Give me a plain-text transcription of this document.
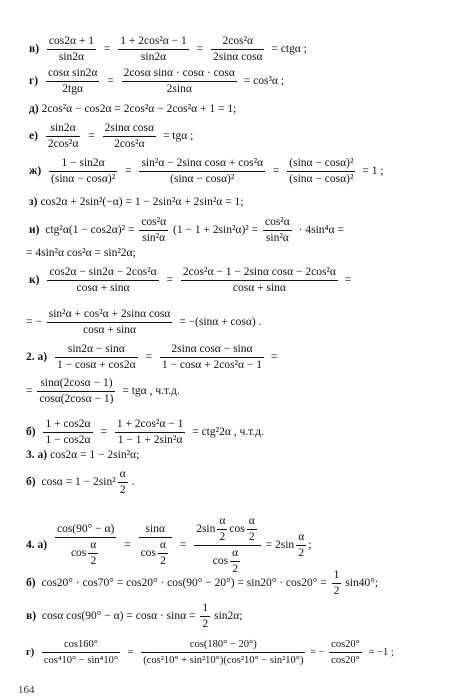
$в) \frac{\cos 2\alpha + 1}{\sin 2\alpha} = \frac{\text{1 + 2cos²α − 1}}{\sin 2\alpha} = \frac{\text{2cos²α}}{\text{2sinα cosα}} = ctg\alpha$ ;
$г) \frac{\text{cosα sin2α}}{\text{2tgα}} = \frac{\text{2cosα sinα · cosα · cosα}}{2\sin\alpha} = \cos^3\alpha$ ;
д) 2cos²α − cos2α = 2cos²α − 2cos²α + 1 = 1;
$е) \frac{\sin 2\alpha}{\text{2cos²α}} = \frac{\text{2sinα cosα}}{\text{2cos²α}} = tg\alpha$ ;
$ж) \frac{1 - \sin 2\alpha}{\text{(sinα − cosα)²}} = \frac{\text{sin²α − 2sinα cosα + cos²α}}{\text{(sinα − cosα)²}} = \frac{\text{(sinα − cosα)²}}{\text{(sinα − cosα)²}} = 1$ ;
з) cos2α + 2sin²(−α) = 1 − 2sin²α + 2sin²α = 1;
и) $ctg^2\alpha(1 - \cos 2\alpha)^2 = \frac{\text{cos²α}}{\text{sin²α}} (1 - 1 + 2\sin^2\alpha)^2 = \frac{\text{cos²α}}{\text{sin²α}} \cdot 4\sin^4\alpha$ =
= 4sin²α cos²α = sin²2α;
$к) \frac{\text{cos2α − sin2α − 2cos²α}}{\cos\alpha + \sin\alpha} = \frac{\text{2cos²α − 1 − 2sinα cosα − 2cos²α}}{\cos\alpha + \sin\alpha}$ =
= − $\frac{\text{sin²α + cos²α + 2sinα cosα}}{\cos\alpha + \sin\alpha} = -(\sin\alpha + \cos\alpha)$ .
2. $а) \frac{\sin 2\alpha - \sin\alpha}{1 - \cos\alpha + \cos 2\alpha} = \frac{\text{2sinα cosα − sinα}}{\text{1 − cosα + 2cos²α − 1}}$ =
= $\frac{\sin\alpha(2\cos\alpha - 1)}{\cos\alpha(2\cos\alpha - 1)} = tg\alpha$ , ч.т.д.
$б) \frac{1 + \cos 2\alpha}{1 - \cos 2\alpha} = \frac{\text{1 + 2cos²α − 1}}{\text{1 − 1 + 2sin²α}} = ctg^22\alpha$ , ч.т.д.
3. а) cos2α = 1 − 2sin²α;
б) $\cos\alpha = 1 - 2\sin^2 \frac{\alpha}{2}$ .
4. $а) \frac{\cos(90^\circ - \alpha)}{\cos \frac{\alpha}{2}} = \frac{\sin\alpha}{\cos \frac{\alpha}{2}} = \frac{2\sin \frac{\alpha}{2} \cos \frac{\alpha}{2}}{\cos \frac{\alpha}{2}} = 2\sin \frac{\alpha}{2}$ ;
б) $\cos 20^\circ \cdot \cos 70^\circ = \cos 20^\circ \cdot \cos(90^\circ - 20^\circ) = \sin 20^\circ \cdot \cos 20^\circ = \frac{1}{2} \sin 40^\circ$;
в) cosα $\cos(90^\circ - \alpha) = \cos\alpha \cdot \sin\alpha = \frac{1}{2} \sin 2\alpha$;
$г) \frac{\cos 160^\circ}{\text{cos⁴10° − sin⁴10°}} = \frac{\cos(180^\circ - 20^\circ)}{\text{(cos²10° + sin²10°)(cos²10° − sin²10°)}}$ = − $\frac{\cos 20^\circ}{\cos 20^\circ} = -1$ ;
164
